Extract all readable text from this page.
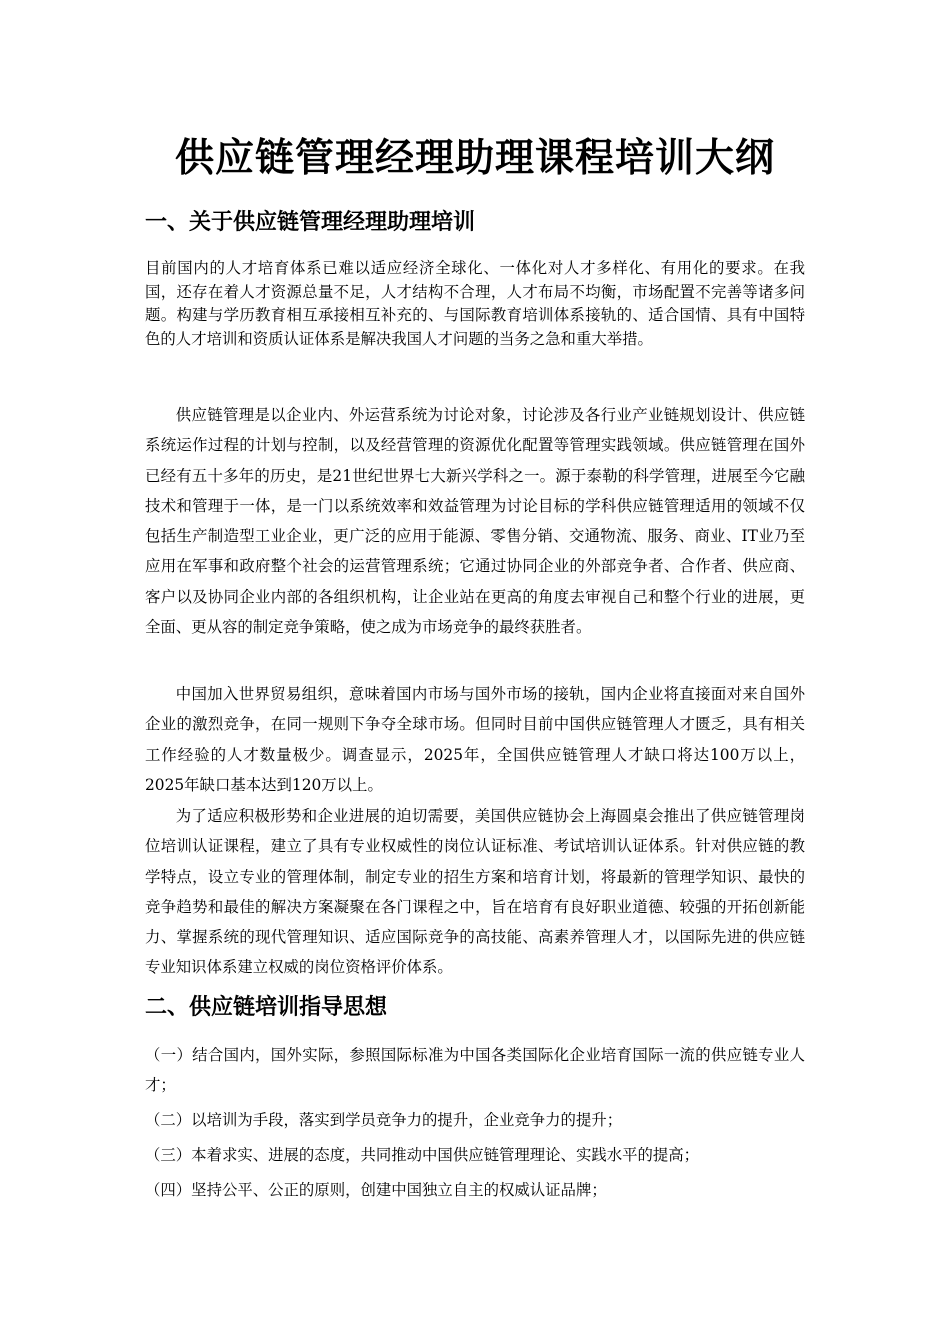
供应链管理经理助理课程培训大纲
一、关于供应链管理经理助理培训

目前国内的人才培育体系已难以适应经济全球化、一体化对人才多样化、有用化的要求。在我国，还存在着人才资源总量不足，人才结构不合理，人才布局不均衡，市场配置不完善等诸多问题。构建与学历教育相互承接相互补充的、与国际教育培训体系接轨的、适合国情、具有中国特色的人才培训和资质认证体系是解决我国人才问题的当务之急和重大举措。

供应链管理是以企业内、外运营系统为讨论对象，讨论涉及各行业产业链规划设计、供应链系统运作过程的计划与控制，以及经营管理的资源优化配置等管理实践领域。供应链管理在国外已经有五十多年的历史，是21世纪世界七大新兴学科之一。源于泰勒的科学管理，进展至今它融技术和管理于一体，是一门以系统效率和效益管理为讨论目标的学科供应链管理适用的领域不仅包括生产制造型工业企业，更广泛的应用于能源、零售分销、交通物流、服务、商业、IT业乃至应用在军事和政府整个社会的运营管理系统；它通过协同企业的外部竞争者、合作者、供应商、客户以及协同企业内部的各组织机构，让企业站在更高的角度去审视自己和整个行业的进展，更全面、更从容的制定竞争策略，使之成为市场竞争的最终获胜者。

中国加入世界贸易组织，意味着国内市场与国外市场的接轨，国内企业将直接面对来自国外企业的激烈竞争，在同一规则下争夺全球市场。但同时目前中国供应链管理人才匮乏，具有相关工作经验的人才数量极少。调查显示，2025年，全国供应链管理人才缺口将达100万以上，2025年缺口基本达到120万以上。

为了适应积极形势和企业进展的迫切需要，美国供应链协会上海圆桌会推出了供应链管理岗位培训认证课程，建立了具有专业权威性的岗位认证标准、考试培训认证体系。针对供应链的教学特点，设立专业的管理体制，制定专业的招生方案和培育计划，将最新的管理学知识、最快的竞争趋势和最佳的解决方案凝聚在各门课程之中，旨在培育有良好职业道德、较强的开拓创新能力、掌握系统的现代管理知识、适应国际竞争的高技能、高素养管理人才，以国际先进的供应链专业知识体系建立权威的岗位资格评价体系。

二、供应链培训指导思想

（一）结合国内，国外实际，参照国际标准为中国各类国际化企业培育国际一流的供应链专业人才；

（二）以培训为手段，落实到学员竞争力的提升，企业竞争力的提升；

（三）本着求实、进展的态度，共同推动中国供应链管理理论、实践水平的提高；

（四）坚持公平、公正的原则，创建中国独立自主的权威认证品牌；
